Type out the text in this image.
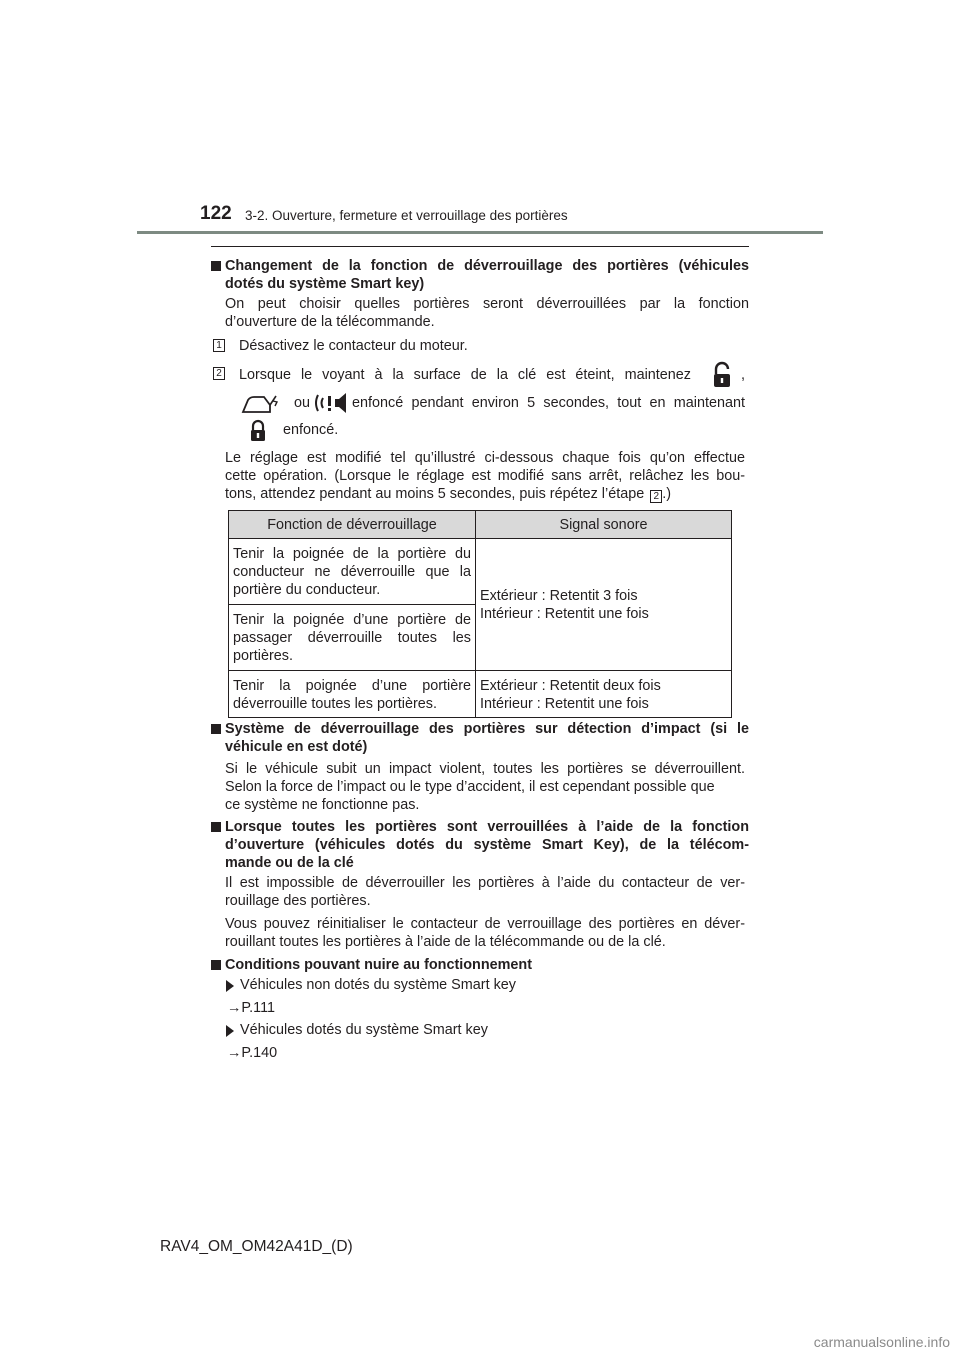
122 3-2. Ouverture, fermeture et verrouillage des portières
Changement de la fonction de déverrouillage des portières (véhicules
dotés du système Smart key)
On peut choisir quelles portières seront déverrouillées par la fonction
d’ouverture de la télécommande.
1 Désactivez le contacteur du moteur.
2 Lorsque le voyant à la surface de la clé est éteint, maintenez	,
ou	enfoncé pendant environ 5 secondes, tout en maintenant
enfoncé.
Le réglage est modifié tel qu’illustré ci-dessous chaque fois qu’on effectue
cette opération. (Lorsque le réglage est modifié sans arrêt, relâchez les bou-
tons, attendez pendant au moins 5 secondes, puis répétez l’étape 2 .)
Fonction de déverrouillage	Signal sonore
Tenir la poignée de la portière du conducteur ne déverrouille que la portière du conducteur.	Extérieur : Retentit 3 fois
Intérieur : Retentit une fois

Tenir la poignée d’une portière de passager déverrouille toutes les portières.	
Tenir la poignée d’une portière déverrouille toutes les portières.	Extérieur : Retentit deux fois
Intérieur : Retentit une fois
Système de déverrouillage des portières sur détection d’impact (si le
véhicule en est doté)
Si le véhicule subit un impact violent, toutes les portières se déverrouillent.
Selon la force de l’impact ou le type d’accident, il est cependant possible que
ce système ne fonctionne pas.
Lorsque toutes les portières sont verrouillées à l’aide de la fonction
d’ouverture (véhicules dotés du système Smart Key), de la télécom-
mande ou de la clé
Il est impossible de déverrouiller les portières à l’aide du contacteur de ver-
rouillage des portières.
Vous pouvez réinitialiser le contacteur de verrouillage des portières en déver-
rouillant toutes les portières à l’aide de la télécommande ou de la clé.
Conditions pouvant nuire au fonctionnement
Véhicules non dotés du système Smart key
→P.111
Véhicules dotés du système Smart key
→P.140
RAV4_OM_OM42A41D_(D)
carmanualsonline.info
